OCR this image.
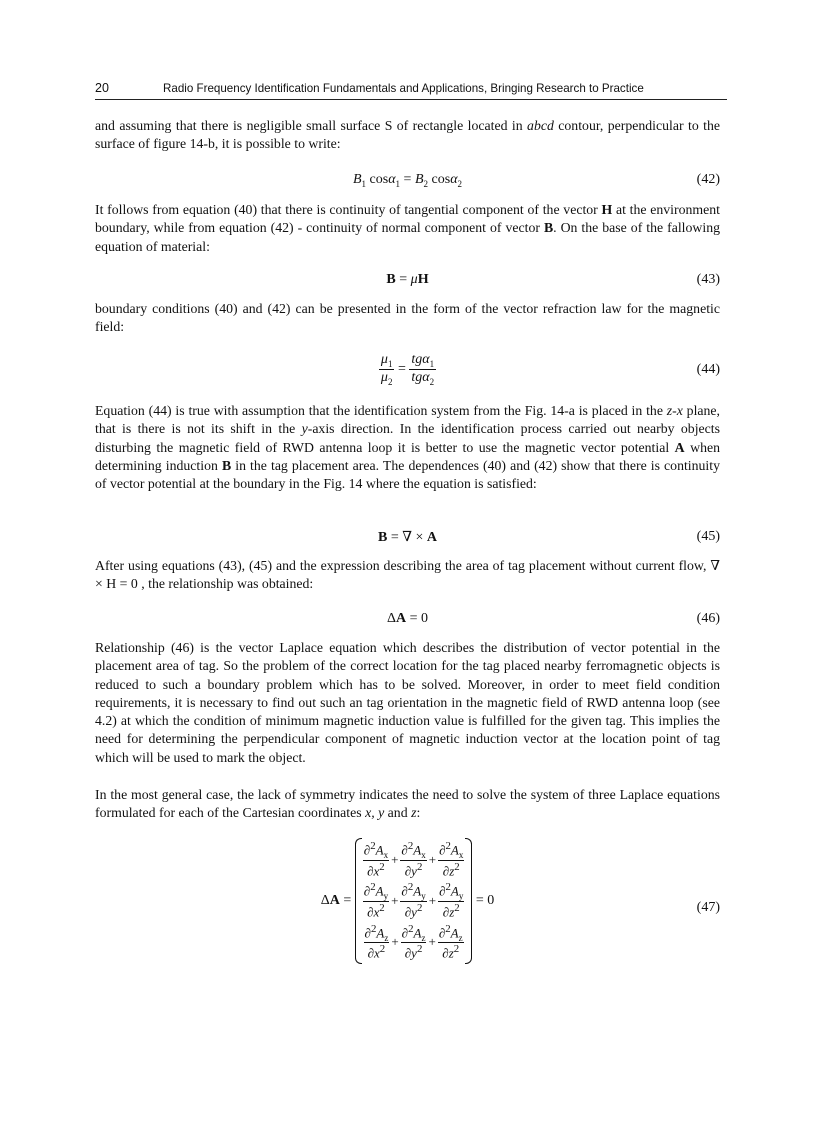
20	Radio Frequency Identification Fundamentals and Applications, Bringing Research to Practice
and assuming that there is negligible small surface S of rectangle located in abcd contour, perpendicular to the surface of figure 14-b, it is possible to write:
$B_1$ $\cos\alpha_1 = B_2$ cosα$_2$	(42)
It follows from equation (40) that there is continuity of tangential component of the vector H at the environment boundary, while from equation (42) - continuity of normal component of vector B. On the base of the fallowing equation of material:
B = μH	(43)
boundary conditions (40) and (42) can be presented in the form of the vector refraction law for the magnetic field:
$\frac{\mu_1}{\mu_2} = \frac{tg\alpha_1}{tg\alpha_2}$	(44)
Equation (44) is true with assumption that the identification system from the Fig. 14-a is placed in the z-x plane, that is there is not its shift in the y-axis direction. In the identification process carried out nearby objects disturbing the magnetic field of RWD antenna loop it is better to use the magnetic vector potential A when determining induction B in the tag placement area. The dependences (40) and (42) show that there is continuity of vector potential at the boundary in the Fig. 14 where the equation is satisfied:
B = ∇ × A	(45)
After using equations (43), (45) and the expression describing the area of tag placement without current flow, ∇ × H = 0 , the relationship was obtained:
ΔA = 0	(46)
Relationship (46) is the vector Laplace equation which describes the distribution of vector potential in the placement area of tag. So the problem of the correct location for the tag placed nearby ferromagnetic objects is reduced to such a boundary problem which has to be solved. Moreover, in order to meet field condition requirements, it is necessary to find out such an tag orientation in the magnetic field of RWD antenna loop (see 4.2) at which the condition of minimum magnetic induction value is fulfilled for the given tag. This implies the need for determining the perpendicular component of magnetic induction vector at the location point of tag which will be used to mark the object.
In the most general case, the lack of symmetry indicates the need to solve the system of three Laplace equations formulated for each of the Cartesian coordinates x, y and z:
ΔA =
$\frac{\partial^2A_x}{\partial x^2} + \frac{\partial^2A_x}{\partial y^2} + \frac{\partial^2A_x}{\partial z^2}$
$\frac{\partial^2A_y}{\partial x^2} + \frac{\partial^2A_y}{\partial y^2} + \frac{\partial^2A_y}{\partial z^2}$
$\frac{\partial^2A_z}{\partial x^2} + \frac{\partial^2A_z}{\partial y^2} + \frac{\partial^2A_z}{\partial z^2}$
= 0	(47)
